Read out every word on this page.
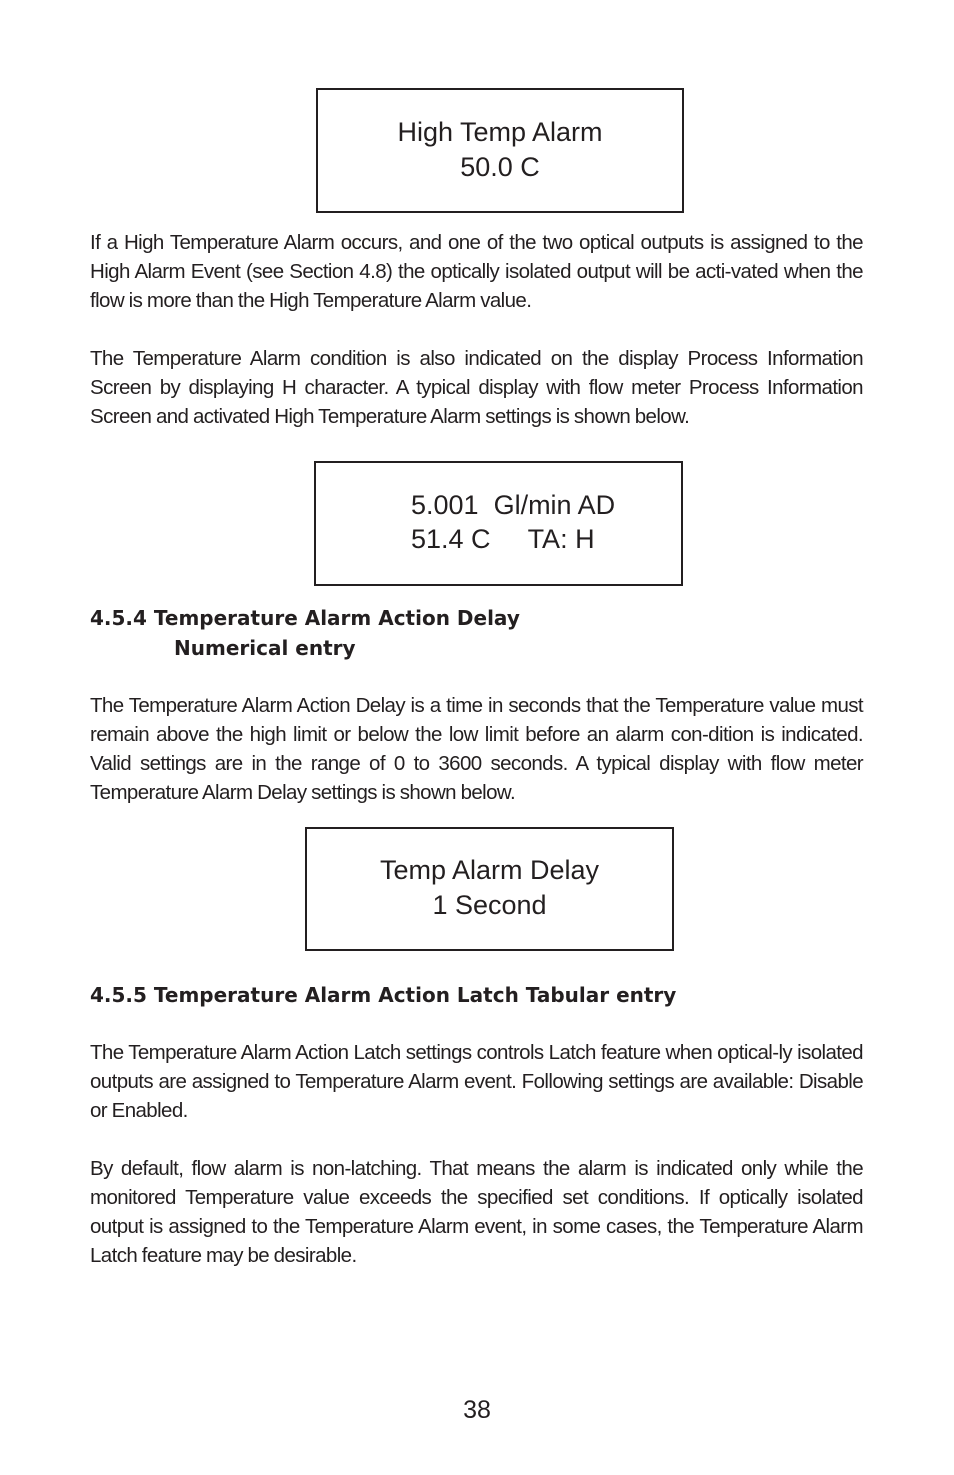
High Temp Alarm
50.0 C

If a High Temperature Alarm occurs, and one of the two optical outputs is assigned to the High Alarm Event (see Section 4.8) the optically isolated output will be acti-vated when the flow is more than the High Temperature Alarm value.

The Temperature Alarm condition is also indicated on the display Process Information Screen by displaying H character. A typical display with flow meter Process Information Screen and activated High Temperature Alarm settings is shown below.

5.001  Gl/min AD
51.4 C     TA: H
4.5.4 Temperature Alarm Action Delay
Numerical entry

The Temperature Alarm Action Delay is a time in seconds that the Temperature value must remain above the high limit or below the low limit before an alarm con-dition is indicated. Valid settings are in the range of 0 to 3600 seconds. A typical display with flow meter Temperature Alarm Delay settings is shown below.

Temp Alarm Delay
1 Second
4.5.5 Temperature Alarm Action Latch Tabular entry

The Temperature Alarm Action Latch settings controls Latch feature when optical-ly isolated outputs are assigned to Temperature Alarm event. Following settings are available: Disable or Enabled.

By default, flow alarm is non-latching. That means the alarm is indicated only while the monitored Temperature value exceeds the specified set conditions. If optically isolated output is assigned to the Temperature Alarm event, in some cases, the Temperature Alarm Latch feature may be desirable.

38
